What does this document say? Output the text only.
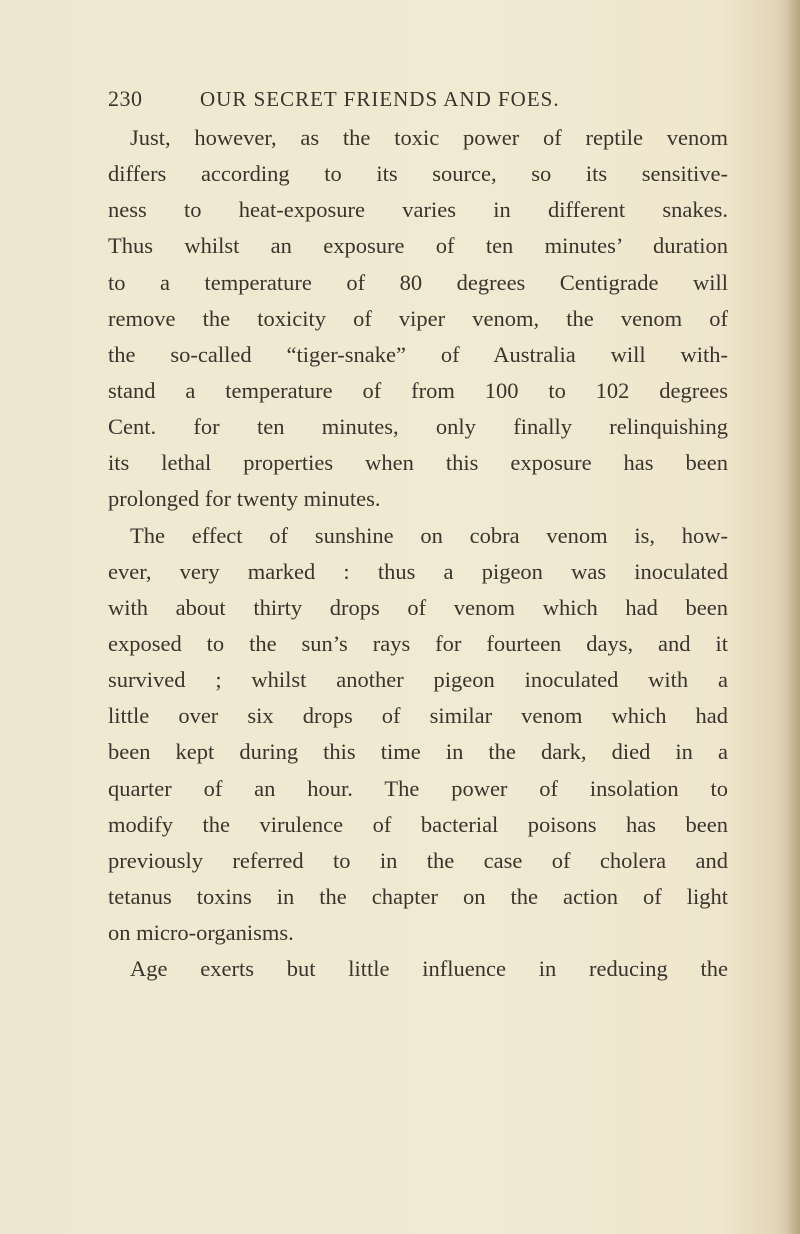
230	OUR SECRET FRIENDS AND FOES.
Just, however, as the toxic power of reptile venom
differs according to its source, so its sensitive-
ness to heat-exposure varies in different snakes.
Thus whilst an exposure of ten minutes’ duration
to a temperature of 80 degrees Centigrade will
remove the toxicity of viper venom, the venom of
the so-called “tiger-snake” of Australia will with-
stand a temperature of from 100 to 102 degrees
Cent. for ten minutes, only finally relinquishing
its lethal properties when this exposure has been
prolonged for twenty minutes.
The effect of sunshine on cobra venom is, how-
ever, very marked : thus a pigeon was inoculated
with about thirty drops of venom which had been
exposed to the sun’s rays for fourteen days, and it
survived ; whilst another pigeon inoculated with a
little over six drops of similar venom which had
been kept during this time in the dark, died in a
quarter of an hour. The power of insolation to
modify the virulence of bacterial poisons has been
previously referred to in the case of cholera and
tetanus toxins in the chapter on the action of light
on micro-organisms.
Age exerts but little influence in reducing the
